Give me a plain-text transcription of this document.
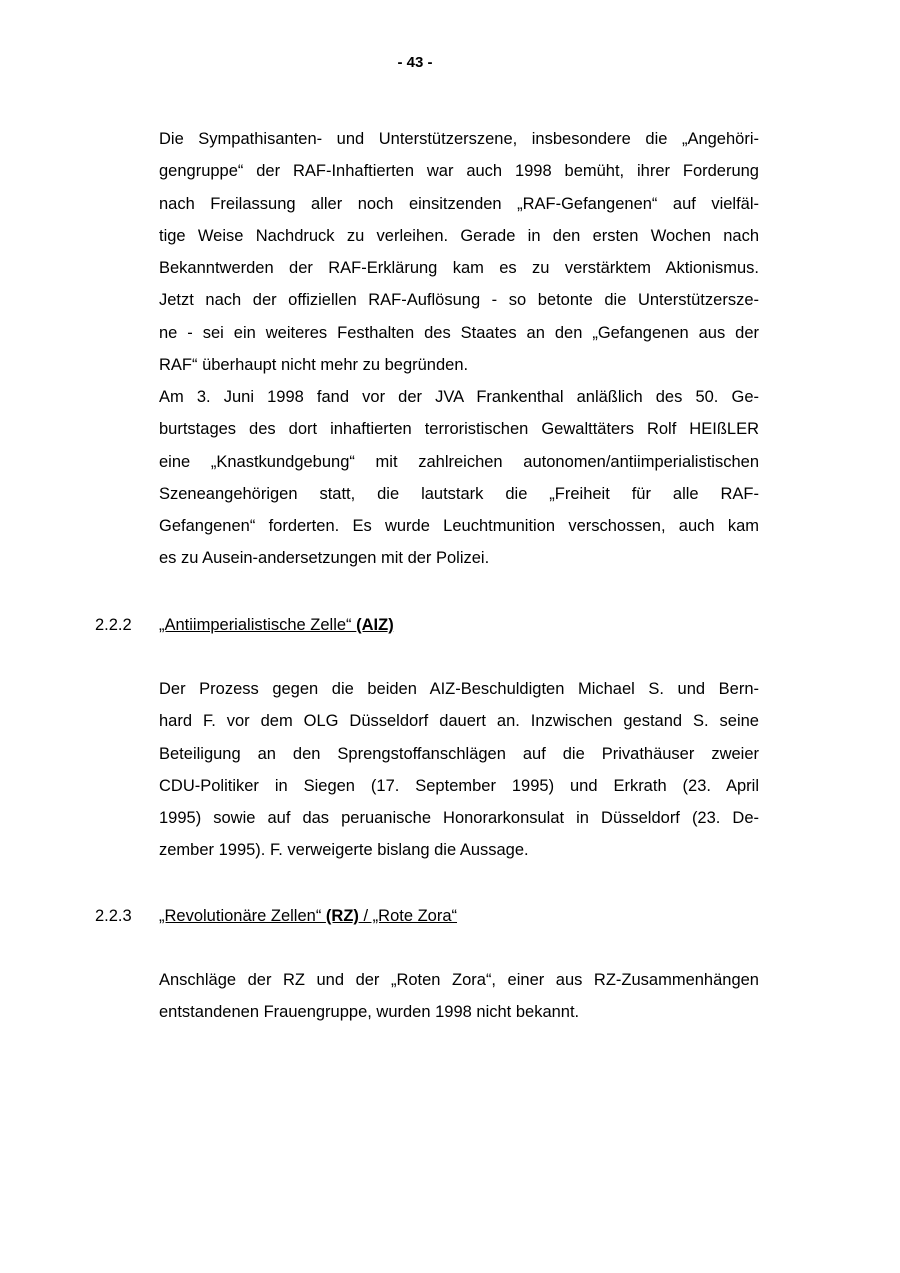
- 43 -
Die Sympathisanten- und Unterstützerszene, insbesondere die „Angehöri-
gengruppe“ der RAF-Inhaftierten war auch 1998 bemüht, ihrer Forderung
nach Freilassung aller noch einsitzenden „RAF-Gefangenen“ auf vielfäl-
tige Weise Nachdruck zu verleihen. Gerade in den ersten Wochen nach
Bekanntwerden der RAF-Erklärung kam es zu verstärktem Aktionismus.
Jetzt nach der offiziellen RAF-Auflösung - so betonte die Unterstützersze-
ne - sei ein weiteres Festhalten des Staates an den „Gefangenen aus der
RAF“ überhaupt nicht mehr zu begründen.
Am 3. Juni 1998 fand vor der JVA Frankenthal anläßlich des 50. Ge-
burtstages des dort inhaftierten terroristischen Gewalttäters Rolf HEIßLER
eine „Knastkundgebung“ mit zahlreichen autonomen/antiimperialistischen
Szeneangehörigen statt, die lautstark die „Freiheit für alle RAF-
Gefangenen“ forderten. Es wurde Leuchtmunition verschossen, auch kam
es zu Ausein-andersetzungen mit der Polizei.
2.2.2 „Antiimperialistische Zelle“ (AIZ)
Der Prozess gegen die beiden AIZ-Beschuldigten Michael S. und Bern-
hard F. vor dem OLG Düsseldorf dauert an. Inzwischen gestand S. seine
Beteiligung an den Sprengstoffanschlägen auf die Privathäuser zweier
CDU-Politiker in Siegen (17. September 1995) und Erkrath (23. April
1995) sowie auf das peruanische Honorarkonsulat in Düsseldorf (23. De-
zember 1995). F. verweigerte bislang die Aussage.
2.2.3 „Revolutionäre Zellen“ (RZ) / „Rote Zora“
Anschläge der RZ und der „Roten Zora“, einer aus RZ-Zusammenhängen
entstandenen Frauengruppe, wurden 1998 nicht bekannt.
